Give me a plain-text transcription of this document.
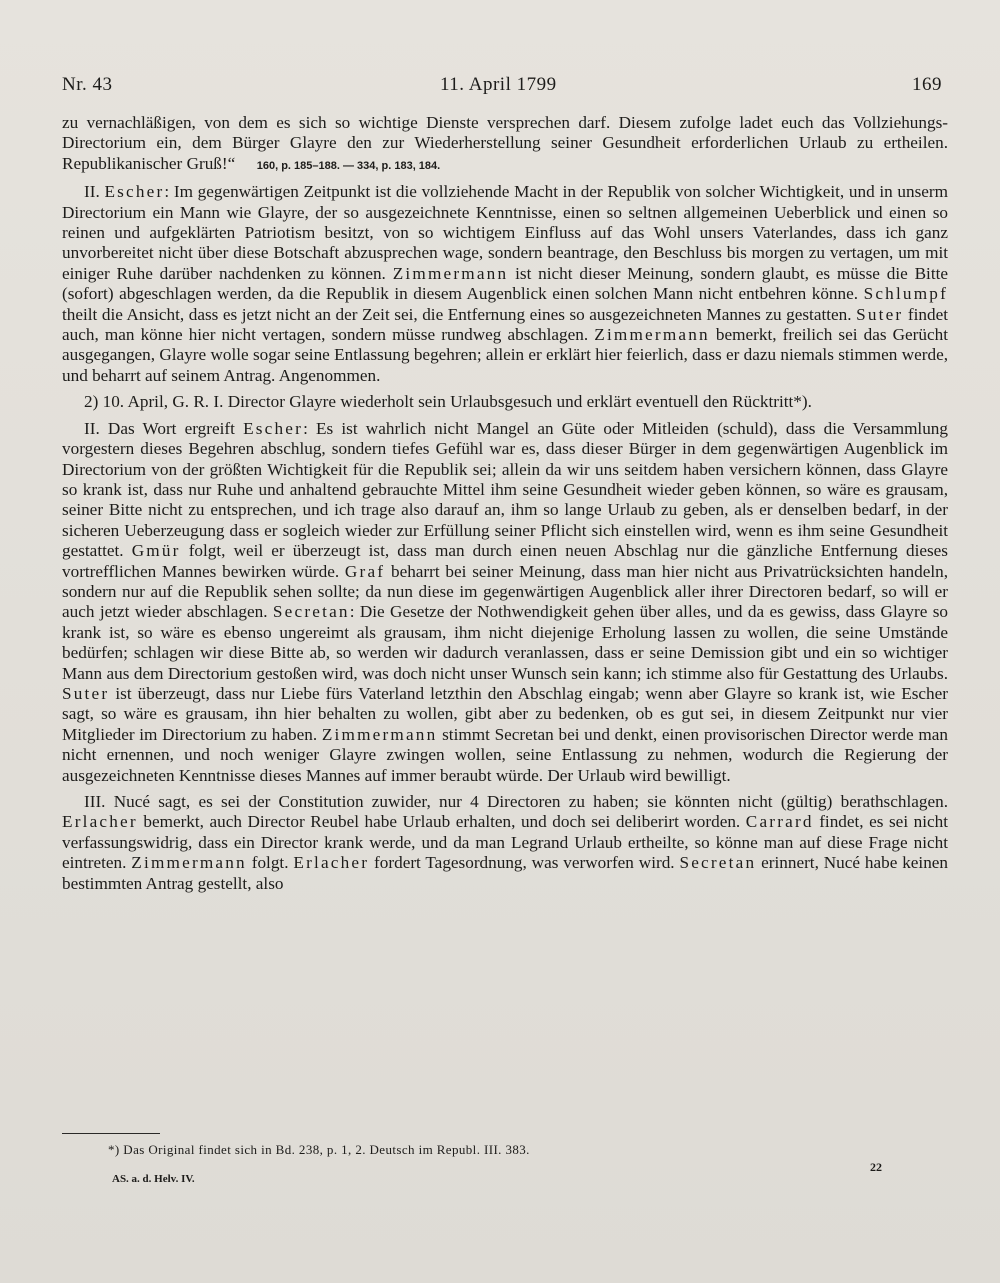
Nr. 43	11. April 1799	169

zu vernachläßigen, von dem es sich so wichtige Dienste versprechen darf. Diesem zufolge ladet euch das Vollziehungs-Directorium ein, dem Bürger Glayre den zur Wiederherstellung seiner Gesundheit erforderlichen Urlaub zu ertheilen. Republikanischer Gruß!“ 160, p. 185–188. — 334, p. 183, 184.

II. Escher: Im gegenwärtigen Zeitpunkt ist die vollziehende Macht in der Republik von solcher Wichtigkeit, und in unserm Directorium ein Mann wie Glayre, der so ausgezeichnete Kenntnisse, einen so seltnen allgemeinen Ueberblick und einen so reinen und aufgeklärten Patriotism besitzt, von so wichtigem Einfluss auf das Wohl unsers Vaterlandes, dass ich ganz unvorbereitet nicht über diese Botschaft abzusprechen wage, sondern beantrage, den Beschluss bis morgen zu vertagen, um mit einiger Ruhe darüber nachdenken zu können. Zimmermann ist nicht dieser Meinung, sondern glaubt, es müsse die Bitte (sofort) abgeschlagen werden, da die Republik in diesem Augenblick einen solchen Mann nicht entbehren könne. Schlumpf theilt die Ansicht, dass es jetzt nicht an der Zeit sei, die Entfernung eines so ausgezeichneten Mannes zu gestatten. Suter findet auch, man könne hier nicht vertagen, sondern müsse rundweg abschlagen. Zimmermann bemerkt, freilich sei das Gerücht ausgegangen, Glayre wolle sogar seine Entlassung begehren; allein er erklärt hier feierlich, dass er dazu niemals stimmen werde, und beharrt auf seinem Antrag. Angenommen.

2) 10. April, G. R. I. Director Glayre wiederholt sein Urlaubsgesuch und erklärt eventuell den Rücktritt*).

II. Das Wort ergreift Escher: Es ist wahrlich nicht Mangel an Güte oder Mitleiden (schuld), dass die Versammlung vorgestern dieses Begehren abschlug, sondern tiefes Gefühl war es, dass dieser Bürger in dem gegenwärtigen Augenblick im Directorium von der größten Wichtigkeit für die Republik sei; allein da wir uns seitdem haben versichern können, dass Glayre so krank ist, dass nur Ruhe und anhaltend gebrauchte Mittel ihm seine Gesundheit wieder geben können, so wäre es grausam, seiner Bitte nicht zu entsprechen, und ich trage also darauf an, ihm so lange Urlaub zu geben, als er denselben bedarf, in der sicheren Ueberzeugung dass er sogleich wieder zur Erfüllung seiner Pflicht sich einstellen wird, wenn es ihm seine Gesundheit gestattet. Gmür folgt, weil er überzeugt ist, dass man durch einen neuen Abschlag nur die gänzliche Entfernung dieses vortrefflichen Mannes bewirken würde. Graf beharrt bei seiner Meinung, dass man hier nicht aus Privatrücksichten handeln, sondern nur auf die Republik sehen sollte; da nun diese im gegenwärtigen Augenblick aller ihrer Directoren bedarf, so will er auch jetzt wieder abschlagen. Secretan: Die Gesetze der Nothwendigkeit gehen über alles, und da es gewiss, dass Glayre so krank ist, so wäre es ebenso ungereimt als grausam, ihm nicht diejenige Erholung lassen zu wollen, die seine Umstände bedürfen; schlagen wir diese Bitte ab, so werden wir dadurch veranlassen, dass er seine Demission gibt und ein so wichtiger Mann aus dem Directorium gestoßen wird, was doch nicht unser Wunsch sein kann; ich stimme also für Gestattung des Urlaubs. Suter ist überzeugt, dass nur Liebe fürs Vaterland letzthin den Abschlag eingab; wenn aber Glayre so krank ist, wie Escher sagt, so wäre es grausam, ihn hier behalten zu wollen, gibt aber zu bedenken, ob es gut sei, in diesem Zeitpunkt nur vier Mitglieder im Directorium zu haben. Zimmermann stimmt Secretan bei und denkt, einen provisorischen Director werde man nicht ernennen, und noch weniger Glayre zwingen wollen, seine Entlassung zu nehmen, wodurch die Regierung der ausgezeichneten Kenntnisse dieses Mannes auf immer beraubt würde. Der Urlaub wird bewilligt.

III. Nucé sagt, es sei der Constitution zuwider, nur 4 Directoren zu haben; sie könnten nicht (gültig) berathschlagen. Erlacher bemerkt, auch Director Reubel habe Urlaub erhalten, und doch sei deliberirt worden. Carrard findet, es sei nicht verfassungswidrig, dass ein Director krank werde, und da man Legrand Urlaub ertheilte, so könne man auf diese Frage nicht eintreten. Zimmermann folgt. Erlacher fordert Tagesordnung, was verworfen wird. Secretan erinnert, Nucé habe keinen bestimmten Antrag gestellt, also

*) Das Original findet sich in Bd. 238, p. 1, 2. Deutsch im Republ. III. 383.
AS. a. d. Helv. IV.
22
